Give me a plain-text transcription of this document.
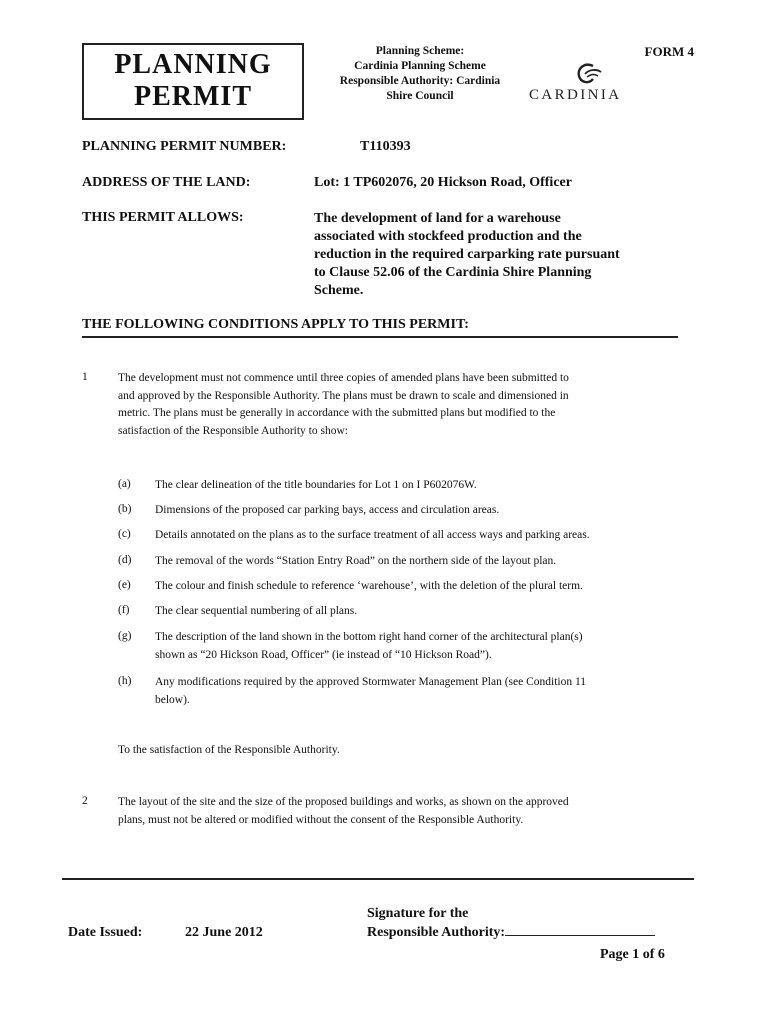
PLANNING
PERMIT
Planning Scheme:
Cardinia Planning Scheme
Responsible Authority: Cardinia
Shire Council
FORM 4
CARDINIA
PLANNING PERMIT NUMBER:	T110393
ADDRESS OF THE LAND:	Lot: 1 TP602076, 20 Hickson Road, Officer
THIS PERMIT ALLOWS:	The development of land for a warehouse
associated with stockfeed production and the
reduction in the required carparking rate pursuant
to Clause 52.06 of the Cardinia Shire Planning
Scheme.
THE FOLLOWING CONDITIONS APPLY TO THIS PERMIT:
1	The development must not commence until three copies of amended plans have been submitted to
and approved by the Responsible Authority. The plans must be drawn to scale and dimensioned in
metric. The plans must be generally in accordance with the submitted plans but modified to the
satisfaction of the Responsible Authority to show:
(a) The clear delineation of the title boundaries for Lot 1 on I P602076W.
(b) Dimensions of the proposed car parking bays, access and circulation areas.
(c) Details annotated on the plans as to the surface treatment of all access ways and parking areas.
(d) The removal of the words “Station Entry Road” on the northern side of the layout plan.
(e) The colour and finish schedule to reference ‘warehouse’, with the deletion of the plural term.
(f) The clear sequential numbering of all plans.
(g) The description of the land shown in the bottom right hand corner of the architectural plan(s)
shown as “20 Hickson Road, Officer” (ie instead of “10 Hickson Road”).
(h) Any modifications required by the approved Stormwater Management Plan (see Condition 11
below).
To the satisfaction of the Responsible Authority.
2	The layout of the site and the size of the proposed buildings and works, as shown on the approved
plans, must not be altered or modified without the consent of the Responsible Authority.
Date Issued:	22 June 2012
Signature for the
Responsible Authority:
Page 1 of 6
